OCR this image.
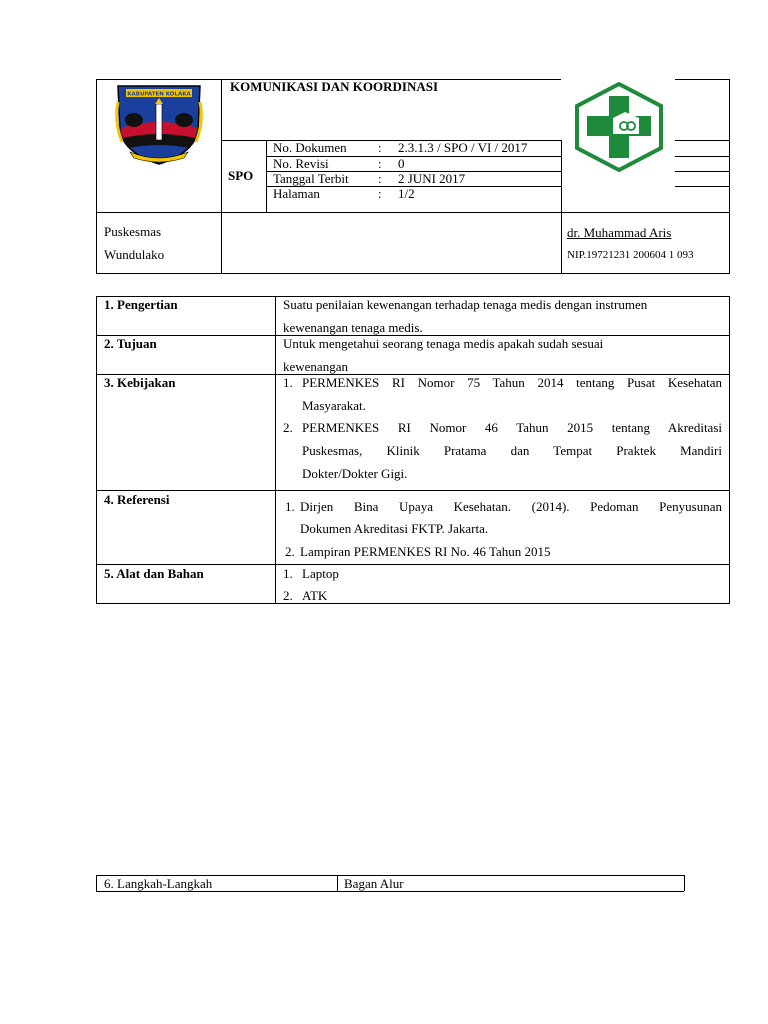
KABUPATEN KOLAKA
KOMUNIKASI DAN KOORDINASI
SPO
No. Dokumen : 2.3.1.3 / SPO / VI / 2017
No. Revisi	: 0
Tanggal Terbit : 2 JUNI 2017
Halaman	: 1/2
Puskesmas
Wundulako
dr. Muhammad Aris
NIP.19721231 200604 1 093
1. Pengertian	Suatu penilaian kewenangan terhadap tenaga medis dengan instrumen
kewenangan tenaga medis.
2. Tujuan	Untuk mengetahui seorang tenaga medis apakah sudah sesuai
kewenangan
3. Kebijakan	1. PERMENKES RI Nomor 75 Tahun 2014 tentang Pusat Kesehatan
Masyarakat.
2. PERMENKES RI Nomor 46 Tahun 2015 tentang Akreditasi
Puskesmas, Klinik Pratama dan Tempat Praktek Mandiri
Dokter/Dokter Gigi.
4. Referensi	1. Dirjen Bina Upaya Kesehatan. (2014). Pedoman Penyusunan
Dokumen Akreditasi FKTP. Jakarta.
2. Lampiran PERMENKES RI No. 46 Tahun 2015
5. Alat dan Bahan	1. Laptop
2. ATK
6. Langkah-Langkah	Bagan Alur
